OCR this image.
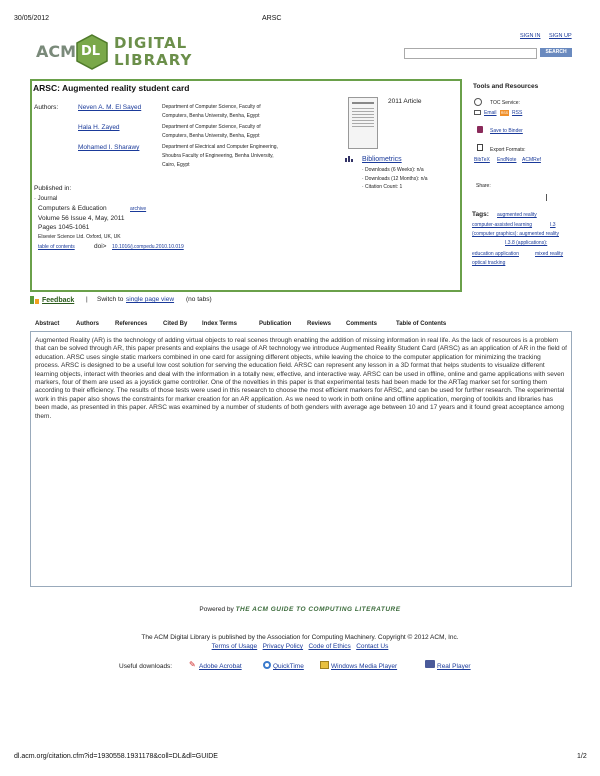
30/05/2012	ARSC
ACM DL DIGITAL
LIBRARY
SIGN IN SIGN UP
SEARCH
ARSC: Augmented reality student card
Authors:	Neven A. M. El Sayed	Department of Computer Science, Faculty of
Computers, Benha University, Benha, Egypt
Hala H. Zayed	Department of Computer Science, Faculty of
Computers, Benha University, Benha, Egypt
Mohamed I. Sharawy	Department of Electrical and Computer Engineering,
Shoubra Faculty of Engineering, Benha University,
Cairo, Egypt
2011 Article
Bibliometrics
· Downloads (6 Weeks): n/a
· Downloads (12 Months): n/a
· Citation Count: 1
Published in:
· Journal
Computers & Education	archive
Volume 56 Issue 4, May, 2011
Pages 1045-1061
Elsevier Science Ltd. Oxford, UK, UK
table of contents	doi> 10.1016/j.compedu.2010.10.019
Tools and Resources
TOC Service:
Email RSS RSS
Save to Binder
Export Formats:
BibTeX EndNote ACMRef
Share:
Tags: augmented reality
computer-assisted learning	I.3
(computer graphics): augmented reality
I.3.8 (applications):
education application	mixed reality
optical tracking
Feedback | Switch to single page view (no tabs)
Abstract	Authors	References	Cited By Index Terms	Publication	Reviews Comments	Table of Contents
Augmented Reality (AR) is the technology of adding virtual objects to real scenes through enabling the addition of missing information in real life. As the lack of resources is a problem that can be solved through AR, this paper presents and explains the usage of AR technology we introduce Augmented Reality Student Card (ARSC) as an application of AR in the field of education. ARSC uses single static markers combined in one card for assigning different objects, while leaving the choice to the computer application for minimizing the tracking process. ARSC is designed to be a useful low cost solution for serving the education field. ARSC can represent any lesson in a 3D format that helps students to visualize different learning objects, interact with theories and deal with the information in a totally new, effective, and interactive way. ARSC can be used in offline, online and game applications with seven markers, four of them are used as a joystick game controller. One of the novelties in this paper is that experimental tests had been made for the ARTag marker set for sorting them according to their efficiency. The results of those tests were used in this research to choose the most efficient markers for ARSC, and can be used for further research. The experimental work in this paper also shows the constraints for marker creation for an AR application. As we need to work in both online and offline application, merging of toolkits and libraries has been made, as presented in this paper. ARSC was examined by a number of students of both genders with average age between 10 and 17 years and it found great acceptance among them.
Powered by THE ACM GUIDE TO COMPUTING LITERATURE
The ACM Digital Library is published by the Association for Computing Machinery. Copyright © 2012 ACM, Inc.
Terms of Usage Privacy Policy Code of Ethics Contact Us
Useful downloads: ✎ Adobe Acrobat	QuickTime	Windows Media Player	Real Player
dl.acm.org/citation.cfm?id=1930558.1931178&coll=DL&dl=GUIDE	1/2
